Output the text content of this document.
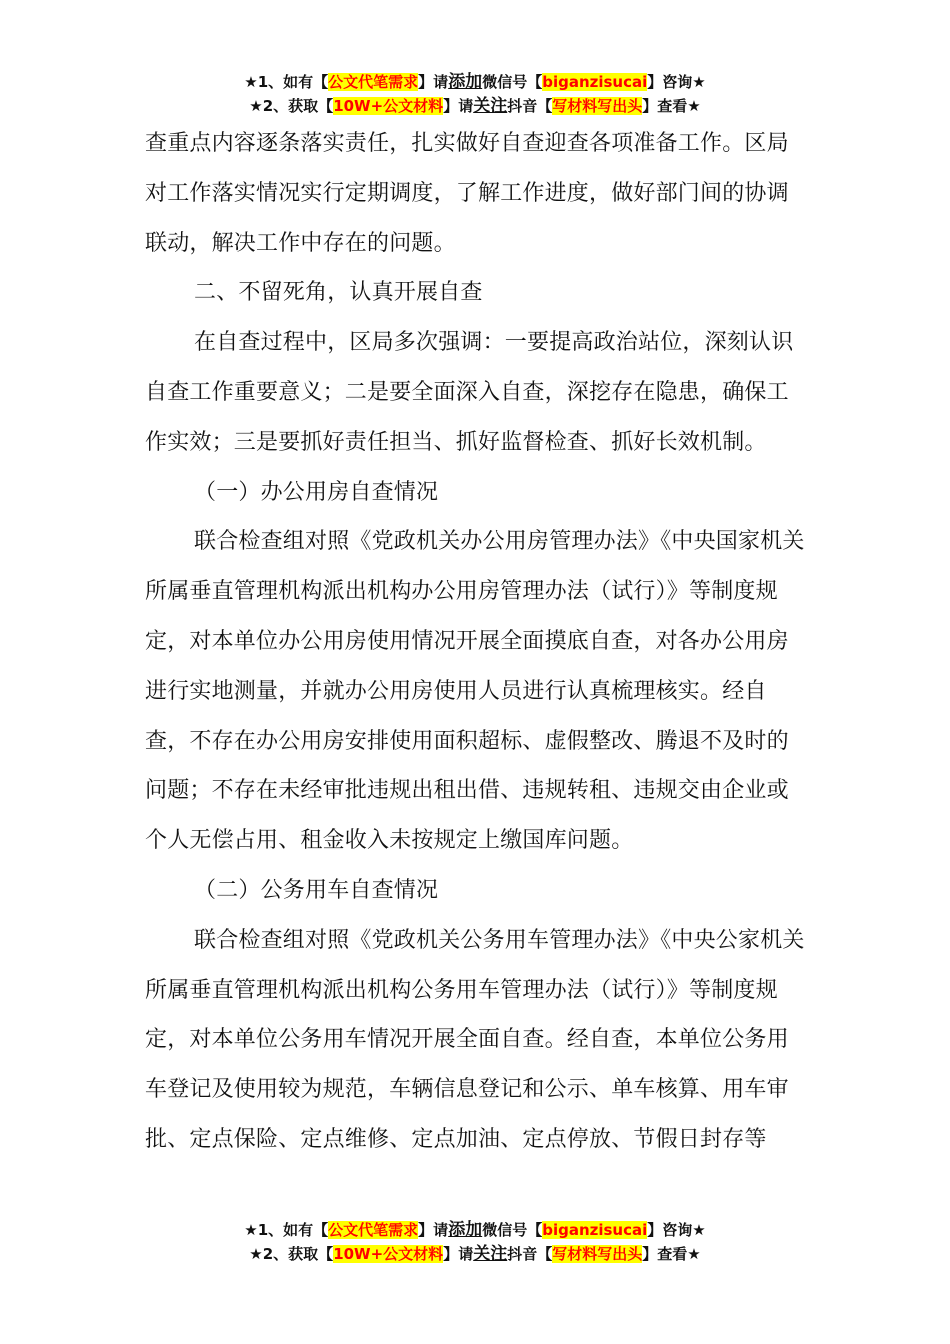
★1、如有【公文代笔需求】请添加微信号【biganzisucai】咨询★
★2、获取【10W+公文材料】请关注抖音【写材料写出头】查看★

查重点内容逐条落实责任，扎实做好自查迎查各项准备工作。区局对工作落实情况实行定期调度，了解工作进度，做好部门间的协调联动，解决工作中存在的问题。

二、不留死角，认真开展自查

在自查过程中，区局多次强调：一要提高政治站位，深刻认识自查工作重要意义；二是要全面深入自查，深挖存在隐患，确保工作实效；三是要抓好责任担当、抓好监督检查、抓好长效机制。

（一）办公用房自查情况

联合检查组对照《党政机关办公用房管理办法》《中央国家机关所属垂直管理机构派出机构办公用房管理办法（试行）》等制度规定，对本单位办公用房使用情况开展全面摸底自查，对各办公用房进行实地测量，并就办公用房使用人员进行认真梳理核实。经自查，不存在办公用房安排使用面积超标、虚假整改、腾退不及时的问题；不存在未经审批违规出租出借、违规转租、违规交由企业或个人无偿占用、租金收入未按规定上缴国库问题。

（二）公务用车自查情况

联合检查组对照《党政机关公务用车管理办法》《中央公家机关所属垂直管理机构派出机构公务用车管理办法（试行）》等制度规定，对本单位公务用车情况开展全面自查。经自查，本单位公务用车登记及使用较为规范，车辆信息登记和公示、单车核算、用车审批、定点保险、定点维修、定点加油、定点停放、节假日封存等

★1、如有【公文代笔需求】请添加微信号【biganzisucai】咨询★
★2、获取【10W+公文材料】请关注抖音【写材料写出头】查看★
